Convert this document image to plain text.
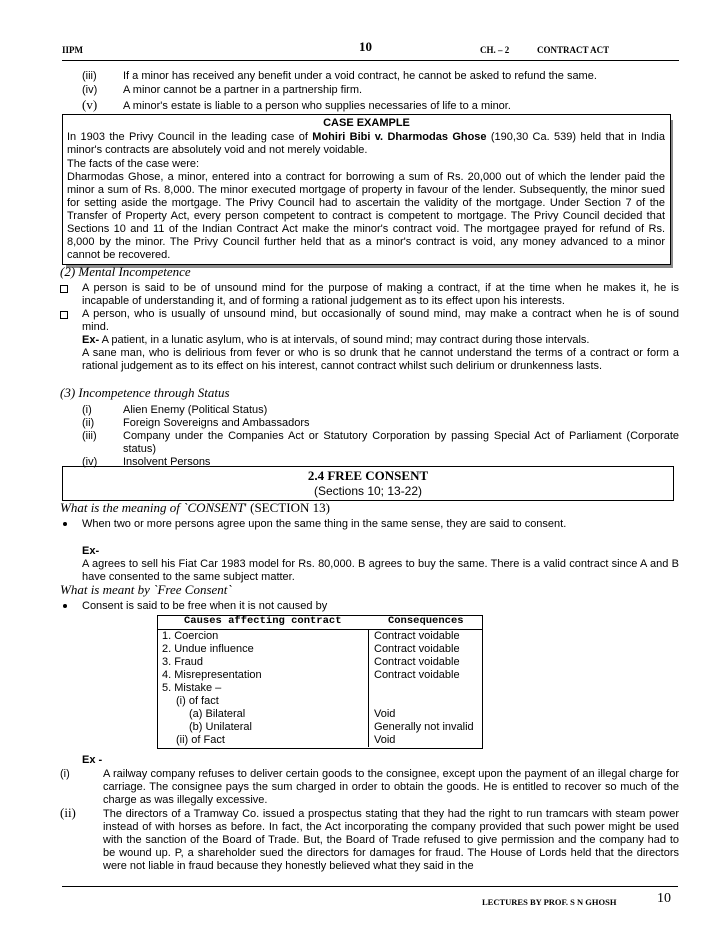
IIPM	10	CH. – 2	CONTRACT ACT
(iii) If a minor has received any benefit under a void contract, he cannot be asked to refund the same.
(iv) A minor cannot be a partner in a partnership firm.
(v) A minor's estate is liable to a person who supplies necessaries of life to a minor.
CASE EXAMPLE
In 1903 the Privy Council in the leading case of Mohiri Bibi v. Dharmodas Ghose (190,30 Ca. 539) held that in India minor's contracts are absolutely void and not merely voidable.
The facts of the case were:
Dharmodas Ghose, a minor, entered into a contract for borrowing a sum of Rs. 20,000 out of which the lender paid the minor a sum of Rs. 8,000. The minor executed mortgage of property in favour of the lender. Subsequently, the minor sued for setting aside the mortgage. The Privy Council had to ascertain the validity of the mortgage. Under Section 7 of the Transfer of Property Act, every person competent to contract is competent to mortgage. The Privy Council decided that Sections 10 and 11 of the Indian Contract Act make the minor's contract void. The mortgagee prayed for refund of Rs. 8,000 by the minor. The Privy Council further held that as a minor's contract is void, any money advanced to a minor cannot be recovered.
(2) Mental Incompetence
A person is said to be of unsound mind for the purpose of making a contract, if at the time when he makes it, he is incapable of understanding it, and of forming a rational judgement as to its effect upon his interests.
A person, who is usually of unsound mind, but occasionally of sound mind, may make a contract when he is of sound mind.
Ex- A patient, in a lunatic asylum, who is at intervals, of sound mind; may contract during those intervals.
A sane man, who is delirious from fever or who is so drunk that he cannot understand the terms of a contract or form a rational judgement as to its effect on his interest, cannot contract whilst such delirium or drunkenness lasts.
(3) Incompetence through Status
(i)	Alien Enemy (Political Status)
(ii)	Foreign Sovereigns and Ambassadors
(iii) Company under the Companies Act or Statutory Corporation by passing Special Act of Parliament (Corporate status)
(iv) Insolvent Persons
2.4 FREE CONSENT
(Sections 10; 13-22)
What is the meaning of `CONSENT' (SECTION 13)
When two or more persons agree upon the same thing in the same sense, they are said to consent.
Ex-
A agrees to sell his Fiat Car 1983 model for Rs. 80,000. B agrees to buy the same. There is a valid contract since A and B have consented to the same subject matter.
What is meant by `Free Consent`
Consent is said to be free when it is not caused by
Causes affecting contract	Consequences
1. Coercion	Contract voidable
2. Undue influence	Contract voidable
3. Fraud	Contract voidable
4. Misrepresentation	Contract voidable
5. Mistake –	
(i) of fact	
(a) Bilateral	Void
(b) Unilateral	Generally not invalid
(ii) of Fact	Void
Ex -
(i)	A railway company refuses to deliver certain goods to the consignee, except upon the payment of an illegal charge for carriage. The consignee pays the sum charged in order to obtain the goods. He is entitled to recover so much of the charge as was illegally excessive.
(ii) The directors of a Tramway Co. issued a prospectus stating that they had the right to run tramcars with steam power instead of with horses as before. In fact, the Act incorporating the company provided that such power might be used with the sanction of the Board of Trade. But, the Board of Trade refused to give permission and the company had to be wound up. P, a shareholder sued the directors for damages for fraud. The House of Lords held that the directors were not liable in fraud because they honestly believed what they said in the
LECTURES BY PROF. S N GHOSH	10
